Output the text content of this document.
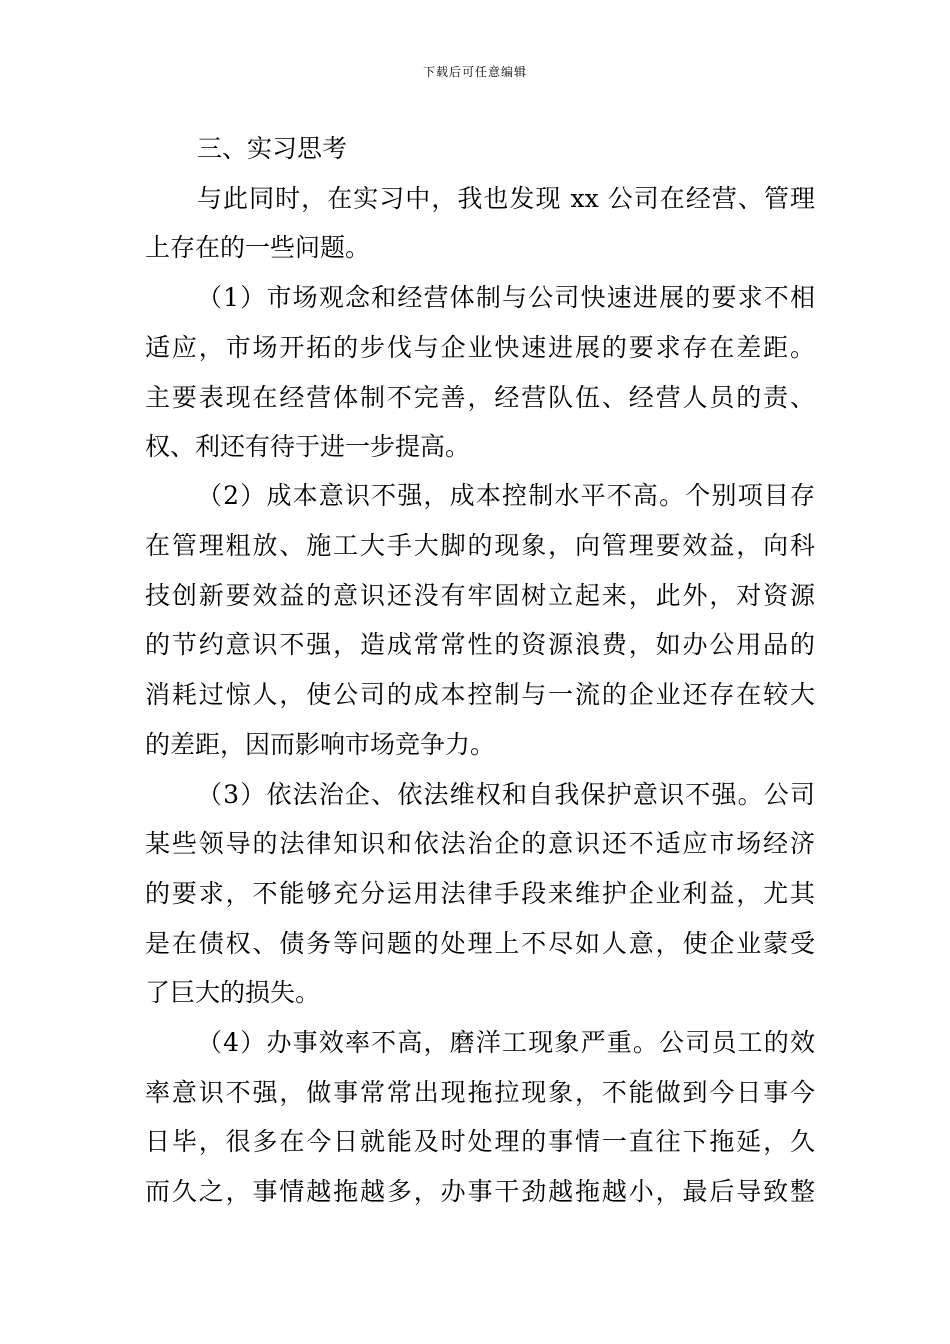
下载后可任意编辑
三、实习思考
与此同时，在实习中，我也发现 xx 公司在经营、管理
上存在的一些问题。
（1）市场观念和经营体制与公司快速进展的要求不相
适应，市场开拓的步伐与企业快速进展的要求存在差距。
主要表现在经营体制不完善，经营队伍、经营人员的责、
权、利还有待于进一步提高。
（2）成本意识不强，成本控制水平不高。个别项目存
在管理粗放、施工大手大脚的现象，向管理要效益，向科
技创新要效益的意识还没有牢固树立起来，此外，对资源
的节约意识不强，造成常常性的资源浪费，如办公用品的
消耗过惊人，使公司的成本控制与一流的企业还存在较大
的差距，因而影响市场竞争力。
（3）依法治企、依法维权和自我保护意识不强。公司
某些领导的法律知识和依法治企的意识还不适应市场经济
的要求，不能够充分运用法律手段来维护企业利益，尤其
是在债权、债务等问题的处理上不尽如人意，使企业蒙受
了巨大的损失。
（4）办事效率不高，磨洋工现象严重。公司员工的效
率意识不强，做事常常出现拖拉现象，不能做到今日事今
日毕，很多在今日就能及时处理的事情一直往下拖延，久
而久之，事情越拖越多，办事干劲越拖越小，最后导致整
